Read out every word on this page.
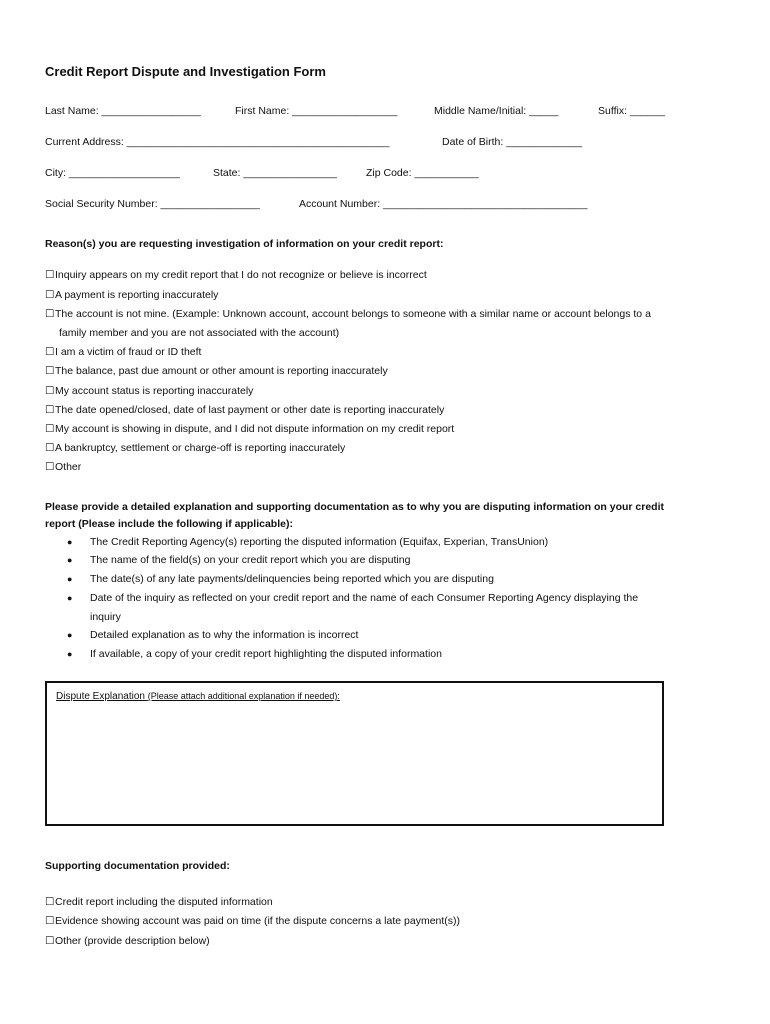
Credit Report Dispute and Investigation Form
Last Name: _________________	First Name: __________________	Middle Name/Initial: _____	Suffix: ______
Current Address: _____________________________________________	Date of Birth: _____________
City: ___________________	State: ________________	Zip Code: ___________
Social Security Number: _________________	Account Number: ___________________________________
Reason(s) you are requesting investigation of information on your credit report:
☐Inquiry appears on my credit report that I do not recognize or believe is incorrect
☐A payment is reporting inaccurately
☐The account is not mine. (Example: Unknown account, account belongs to someone with a similar name or account belongs to a
family member and you are not associated with the account)
☐I am a victim of fraud or ID theft
☐The balance, past due amount or other amount is reporting inaccurately
☐My account status is reporting inaccurately
☐The date opened/closed, date of last payment or other date is reporting inaccurately
☐My account is showing in dispute, and I did not dispute information on my credit report
☐A bankruptcy, settlement or charge-off is reporting inaccurately
☐Other
Please provide a detailed explanation and supporting documentation as to why you are disputing information on your credit
report (Please include the following if applicable):
● The Credit Reporting Agency(s) reporting the disputed information (Equifax, Experian, TransUnion)
● The name of the field(s) on your credit report which you are disputing
● The date(s) of any late payments/delinquencies being reported which you are disputing
● Date of the inquiry as reflected on your credit report and the name of each Consumer Reporting Agency displaying the
inquiry
● Detailed explanation as to why the information is incorrect
● If available, a copy of your credit report highlighting the disputed information
Dispute Explanation (Please attach additional explanation if needed):
Supporting documentation provided:
☐Credit report including the disputed information
☐Evidence showing account was paid on time (if the dispute concerns a late payment(s))
☐Other (provide description below)
